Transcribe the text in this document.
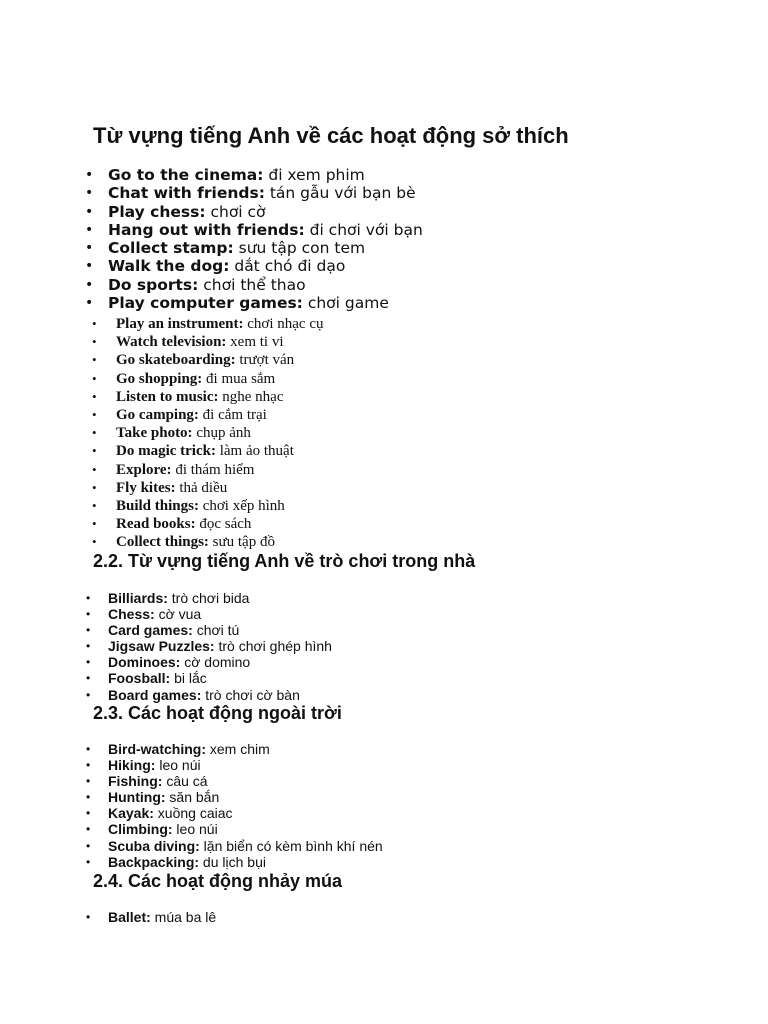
Từ vựng tiếng Anh về các hoạt động sở thích
• Go to the cinema: đi xem phim
• Chat with friends: tán gẫu với bạn bè
• Play chess: chơi cờ
• Hang out with friends: đi chơi với bạn
• Collect stamp: sưu tập con tem
• Walk the dog: dắt chó đi dạo
• Do sports: chơi thể thao
• Play computer games: chơi game
• Play an instrument: chơi nhạc cụ
• Watch television: xem ti vi
• Go skateboarding: trượt ván
• Go shopping: đi mua sắm
• Listen to music: nghe nhạc
• Go camping: đi cắm trại
• Take photo: chụp ảnh
• Do magic trick: làm ảo thuật
• Explore: đi thám hiểm
• Fly kites: thả diều
• Build things: chơi xếp hình
• Read books: đọc sách
• Collect things: sưu tập đồ
2.2. Từ vựng tiếng Anh về trò chơi trong nhà
• Billiards: trò chơi bida
• Chess: cờ vua
• Card games: chơi tú
• Jigsaw Puzzles: trò chơi ghép hình
• Dominoes: cờ domino
• Foosball: bi lắc
• Board games: trò chơi cờ bàn
2.3. Các hoạt động ngoài trời
• Bird-watching: xem chim
• Hiking: leo núi
• Fishing: câu cá
• Hunting: săn bắn
• Kayak: xuồng caiac
• Climbing: leo núi
• Scuba diving: lặn biển có kèm bình khí nén
• Backpacking: du lịch bụi
2.4. Các hoạt động nhảy múa
• Ballet: múa ba lê
